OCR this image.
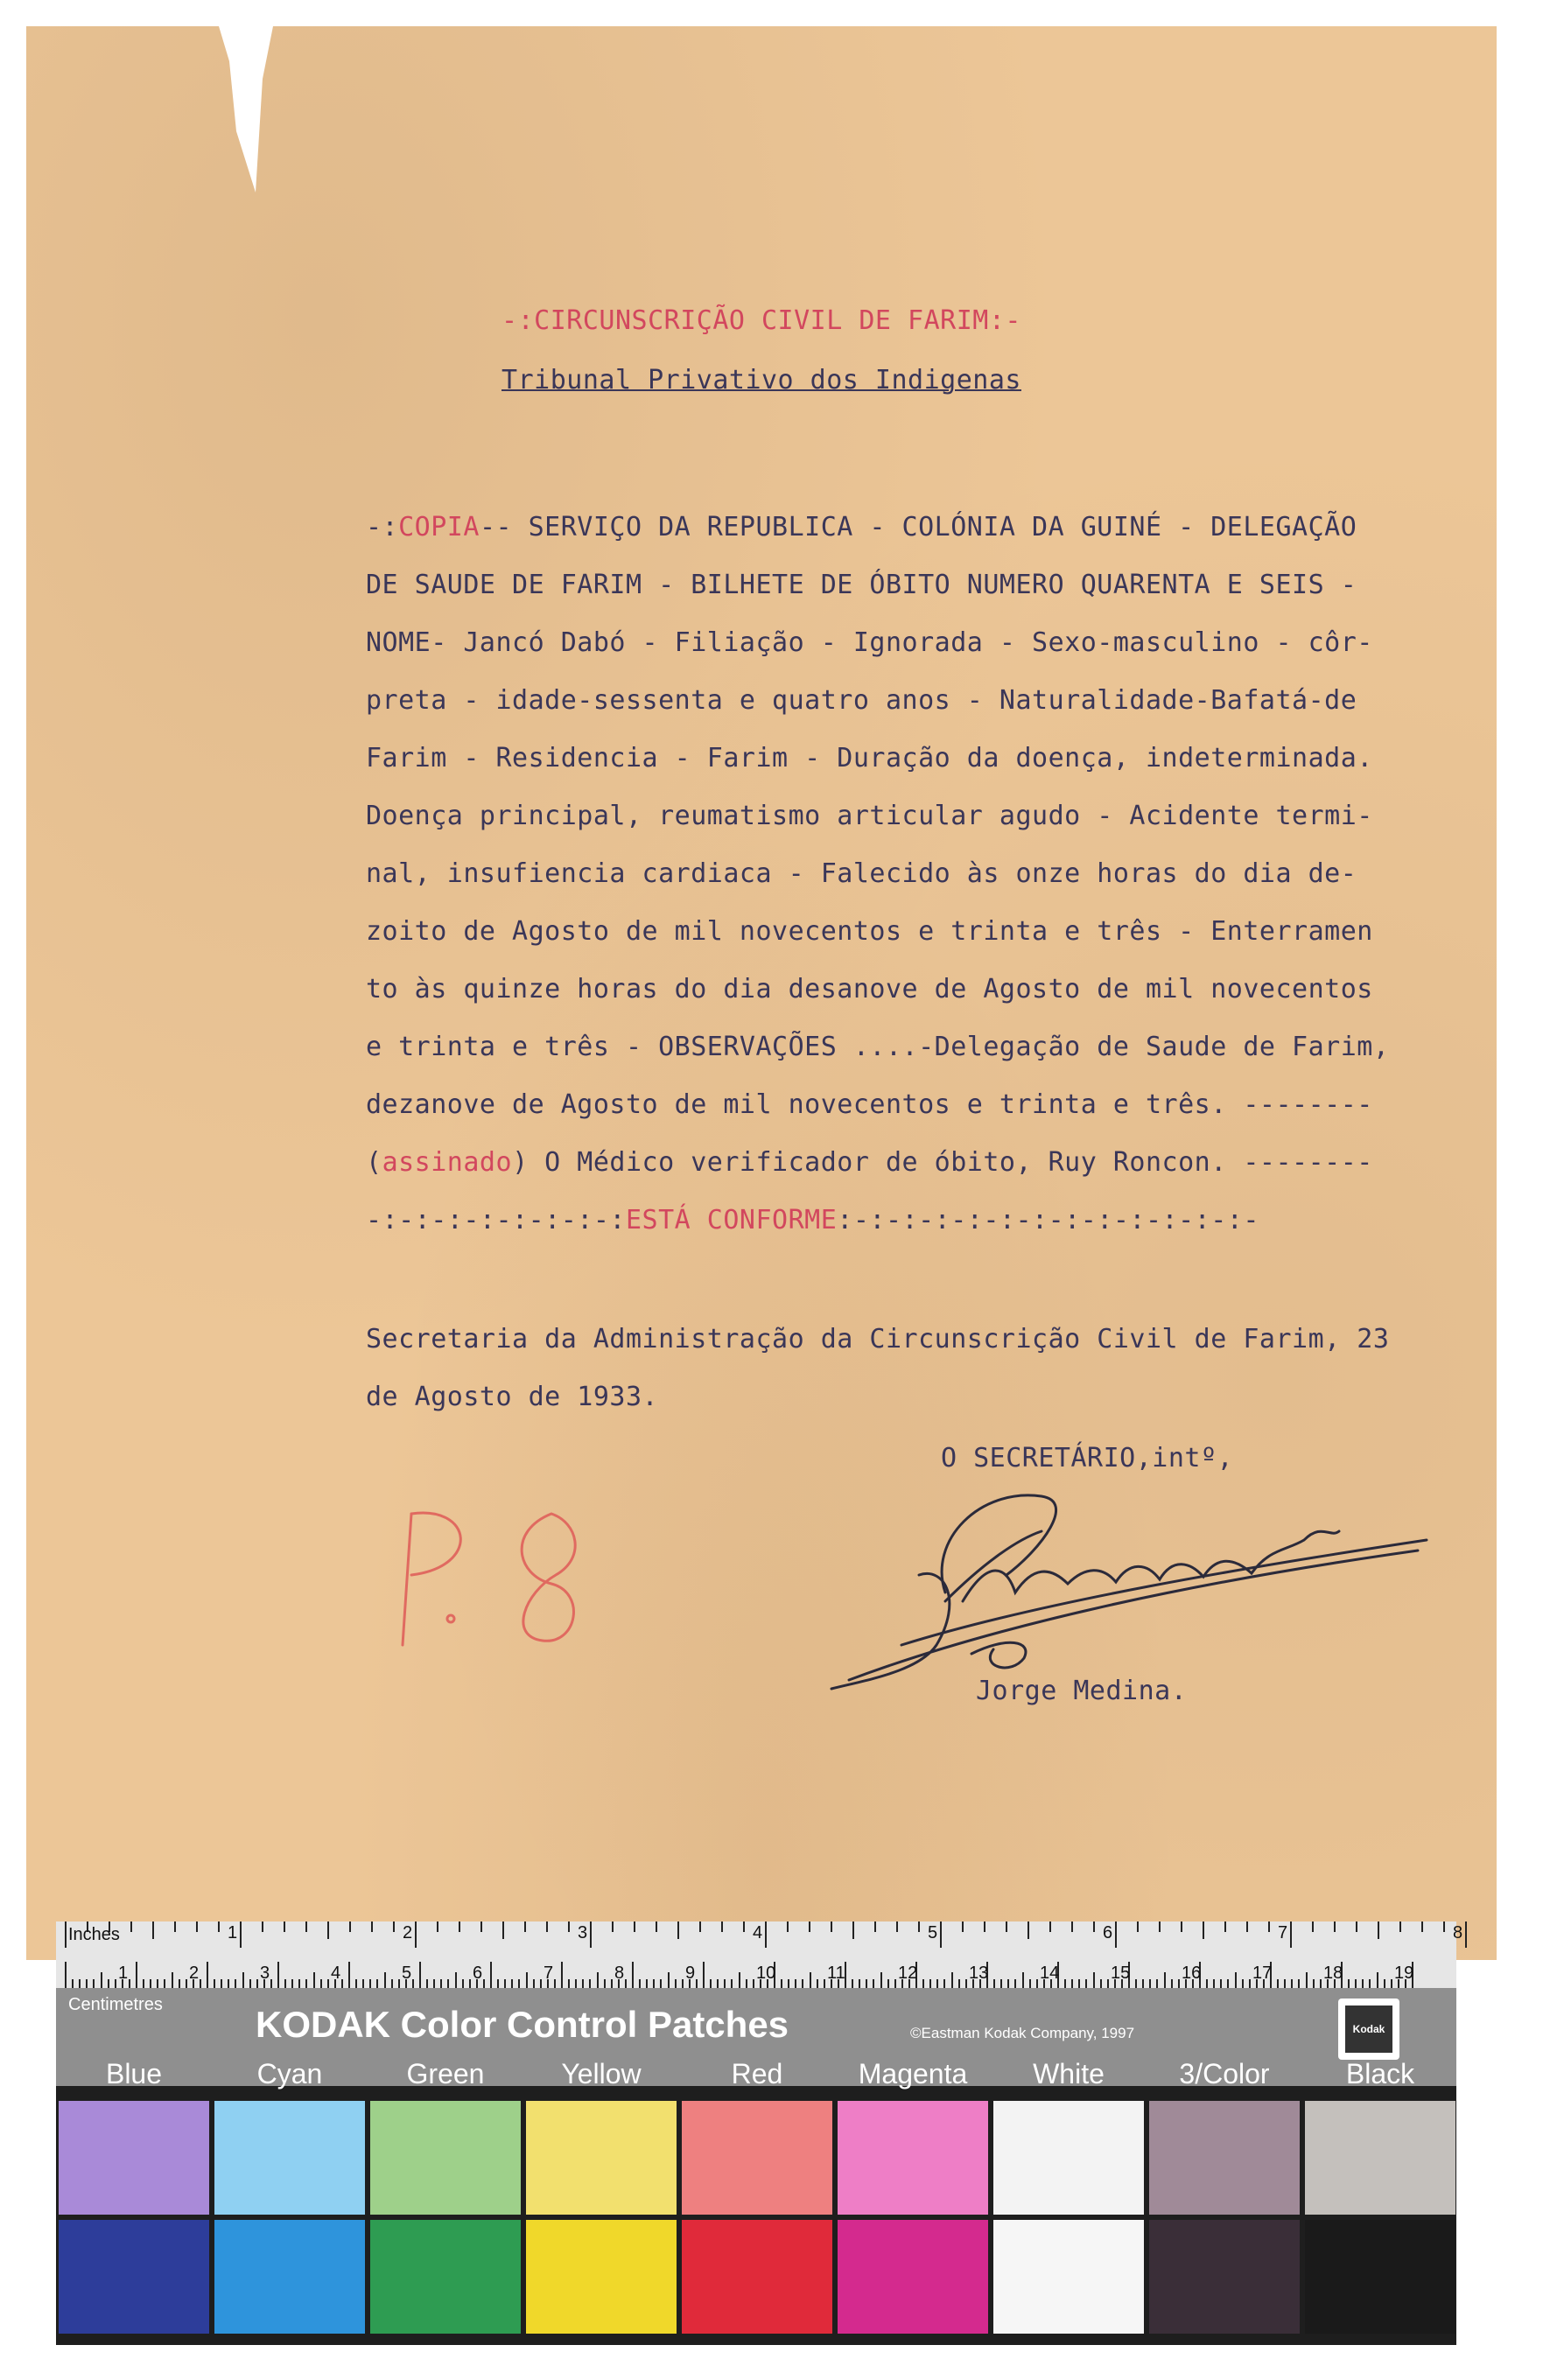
-:CIRCUNSCRIÇÃO CIVIL DE FARIM:-
Tribunal Privativo dos Indigenas
-:COPIA-- SERVIÇO DA REPUBLICA - COLÓNIA DA GUINÉ - DELEGAÇÃO
DE SAUDE DE FARIM - BILHETE DE ÓBITO NUMERO QUARENTA E SEIS -
NOME- Jancó Dabó - Filiação - Ignorada - Sexo-masculino - côr-
preta - idade-sessenta e quatro anos - Naturalidade-Bafatá-de
Farim - Residencia - Farim - Duração da doença, indeterminada.
Doença principal, reumatismo articular agudo - Acidente termi-
nal, insufiencia cardiaca - Falecido às onze horas do dia de-
zoito de Agosto de mil novecentos e trinta e três - Enterramen
to às quinze horas do dia desanove de Agosto de mil novecentos
e trinta e três - OBSERVAÇÕES ....-Delegação de Saude de Farim,
dezanove de Agosto de mil novecentos e trinta e três. --------
(assinado) O Médico verificador de óbito, Ruy Roncon. --------
-:-:-:-:-:-:-:-:ESTÁ CONFORME:-:-:-:-:-:-:-:-:-:-:-:-:-
Secretaria da Administração da Circunscrição Civil de Farim, 23
de Agosto de 1933.
O SECRETÁRIO,intº,
Jorge Medina.
1	2	3	4	5	6	7	8
1	2	3	4	5	6	7	8	9	10	11	12	13	14	15	16	17	18	19
Inches
Centimetres	KODAK Color Control Patches	©Eastman Kodak Company, 1997	Kodak
Blue	Cyan	Green	Yellow	Red	Magenta	White	3/Color	Black
